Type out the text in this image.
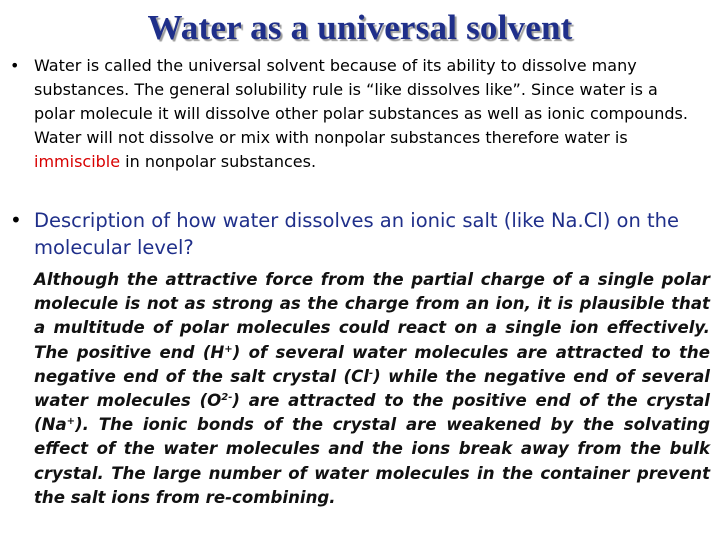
Water as a universal solvent
• Water is called the universal solvent because of its ability to dissolve many substances. The general solubility rule is “like dissolves like”. Since water is a polar molecule it will dissolve other polar substances as well as ionic compounds. Water will not dissolve or mix with nonpolar substances therefore water is immiscible in nonpolar substances.
• Description of how water dissolves an ionic salt (like Na.Cl) on the molecular level?

Although the attractive force from the partial charge of a single polar molecule is not as strong as the charge from an ion, it is plausible that a multitude of polar molecules could react on a single ion effectively. The positive end (H+) of several water molecules are attracted to the negative end of the salt crystal (Cl-) while the negative end of several water molecules $(O^{2-})$ are attracted to the positive end of the crystal (Na+). The ionic bonds of the crystal are weakened by the solvating effect of the water molecules and the ions break away from the bulk crystal. The large number of water molecules in the container prevent the salt ions from re-combining.
